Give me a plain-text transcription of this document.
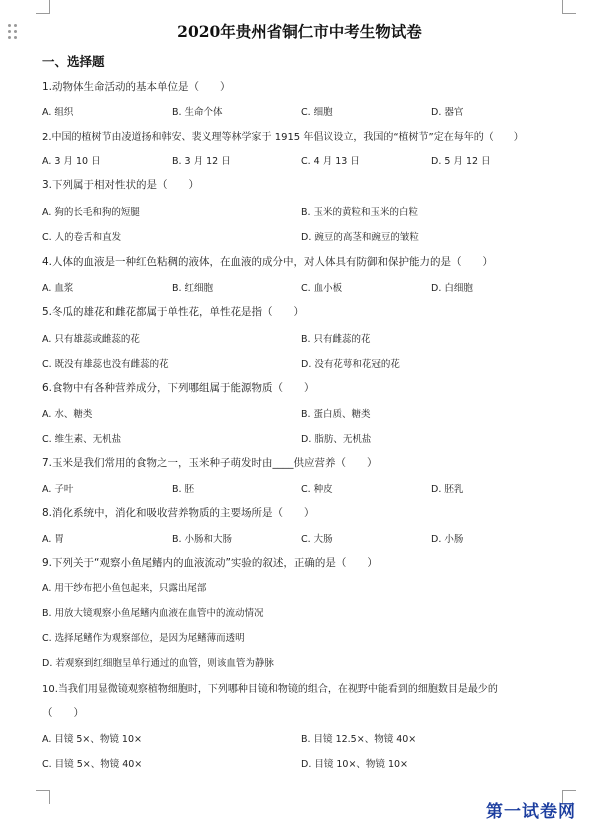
2020年贵州省铜仁市中考生物试卷
一、选择题
1.动物体生命活动的基本单位是（　　）
A. 组织	B. 生命个体	C. 细胞	D. 器官
2.中国的植树节由凌道扬和韩安、裴义理等林学家于 1915 年倡议设立，我国的“植树节”定在每年的（　　）
A. 3 月 10 日	B. 3 月 12 日	C. 4 月 13 日	D. 5 月 12 日
3.下列属于相对性状的是（　　）
A. 狗的长毛和狗的短腿	B. 玉米的黄粒和玉米的白粒
C. 人的卷舌和直发	D. 豌豆的高茎和豌豆的皱粒
4.人体的血液是一种红色粘稠的液体，在血液的成分中，对人体具有防御和保护能力的是（　　）
A. 血浆	B. 红细胞	C. 血小板	D. 白细胞
5.冬瓜的雄花和雌花都属于单性花，单性花是指（　　）
A. 只有雄蕊或雌蕊的花	B. 只有雌蕊的花
C. 既没有雄蕊也没有雌蕊的花	D. 没有花萼和花冠的花
6.食物中有各种营养成分，下列哪组属于能源物质（　　）
A. 水、糖类	B. 蛋白质、糖类
C. 维生素、无机盐	D. 脂肪、无机盐
7.玉米是我们常用的食物之一，玉米种子萌发时由____供应营养（　　）
A. 子叶	B. 胚	C. 种皮	D. 胚乳
8.消化系统中，消化和吸收营养物质的主要场所是（　　）
A. 胃	B. 小肠和大肠	C. 大肠	D. 小肠
9.下列关于“观察小鱼尾鳍内的血液流动”实验的叙述，正确的是（　　）
A. 用干纱布把小鱼包起来，只露出尾部
B. 用放大镜观察小鱼尾鳍内血液在血管中的流动情况
C. 选择尾鳍作为观察部位，是因为尾鳍薄而透明
D. 若观察到红细胞呈单行通过的血管，则该血管为静脉
10.当我们用显微镜观察植物细胞时，下列哪种目镜和物镜的组合，在视野中能看到的细胞数目是最少的
（　　）
A. 目镜 5×、物镜 10×	B. 目镜 12.5×、物镜 40×
C. 目镜 5×、物镜 40×	D. 目镜 10×、物镜 10×
第一试卷网
